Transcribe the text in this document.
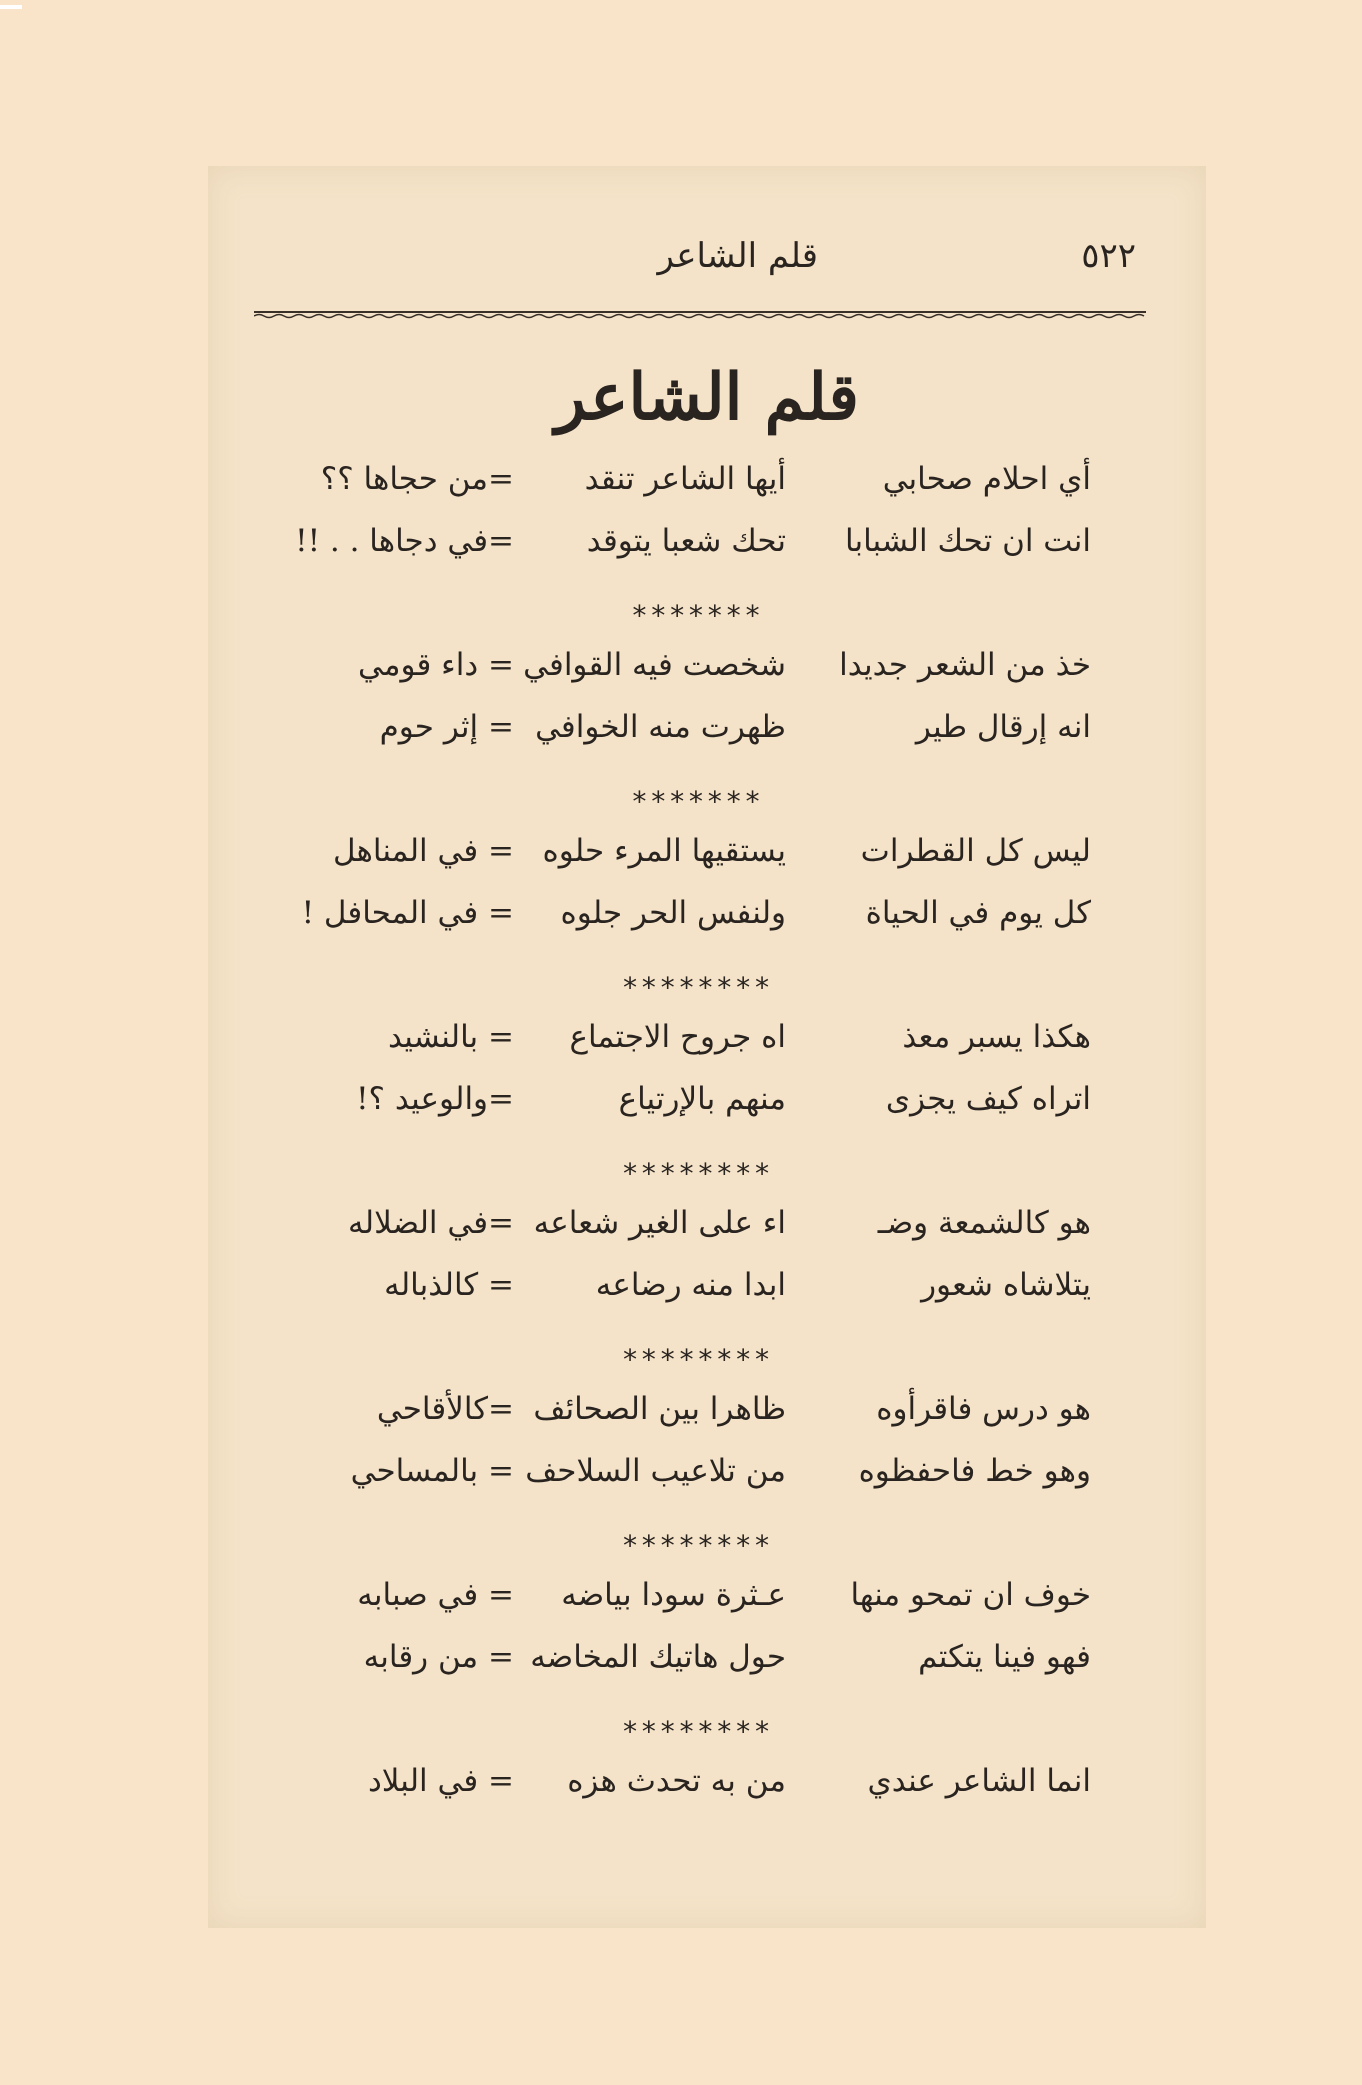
٥٢٢
قلم الشاعر
قلم الشاعر
أي احلام صحابي
أيها الشاعر تنقد
=من حجاها ؟؟
انت ان تحك الشبابا
تحك شعبا يتوقد
=في دجاها . . !!
*******
خذ من الشعر جديدا
شخصت فيه القوافي
= داء قومي
انه إرقال طير
ظهرت منه الخوافي
= إثر حوم
*******
ليس كل القطرات
يستقيها المرء حلوه
= في المناهل
كل يوم في الحياة
ولنفس الحر جلوه
= في المحافل !
********
هكذا يسبر معذ
اه جروح الاجتماع
= بالنشيد
اتراه كيف يجزى
منهم بالإرتياع
=والوعيد ؟!
********
هو كالشمعة وضـ
اء على الغير شعاعه
=في الضلاله
يتلاشاه شعور
ابدا منه رضاعه
= كالذباله
********
هو درس فاقرأوه
ظاهرا بين الصحائف
=كالأقاحي
وهو خط فاحفظوه
من تلاعيب السلاحف
= بالمساحي
********
خوف ان تمحو منها
عـثرة سودا بياضه
= في صبابه
فهو فينا يتكتم
حول هاتيك المخاضه
= من رقابه
********
انما الشاعر عندي
من به تحدث هزه
= في البلاد
